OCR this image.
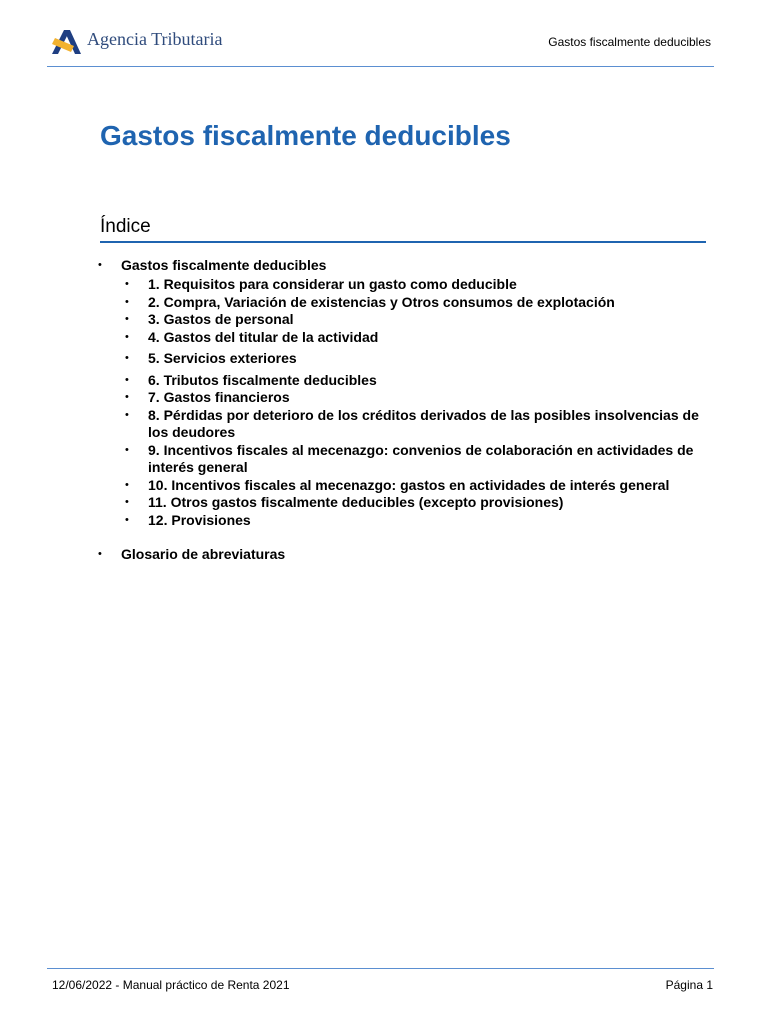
Agencia Tributaria	Gastos fiscalmente deducibles
Gastos fiscalmente deducibles
Índice
• Gastos fiscalmente deducibles
• 1. Requisitos para considerar un gasto como deducible
• 2. Compra, Variación de existencias y Otros consumos de explotación
• 3. Gastos de personal
• 4. Gastos del titular de la actividad
• 5. Servicios exteriores
• 6. Tributos fiscalmente deducibles
• 7. Gastos financieros
• 8. Pérdidas por deterioro de los créditos derivados de las posibles insolvencias de los deudores
• 9. Incentivos fiscales al mecenazgo: convenios de colaboración en actividades de interés general
• 10. Incentivos fiscales al mecenazgo: gastos en actividades de interés general
• 11. Otros gastos fiscalmente deducibles (excepto provisiones)
• 12. Provisiones
• Glosario de abreviaturas
12/06/2022 - Manual práctico de Renta 2021	Página 1
